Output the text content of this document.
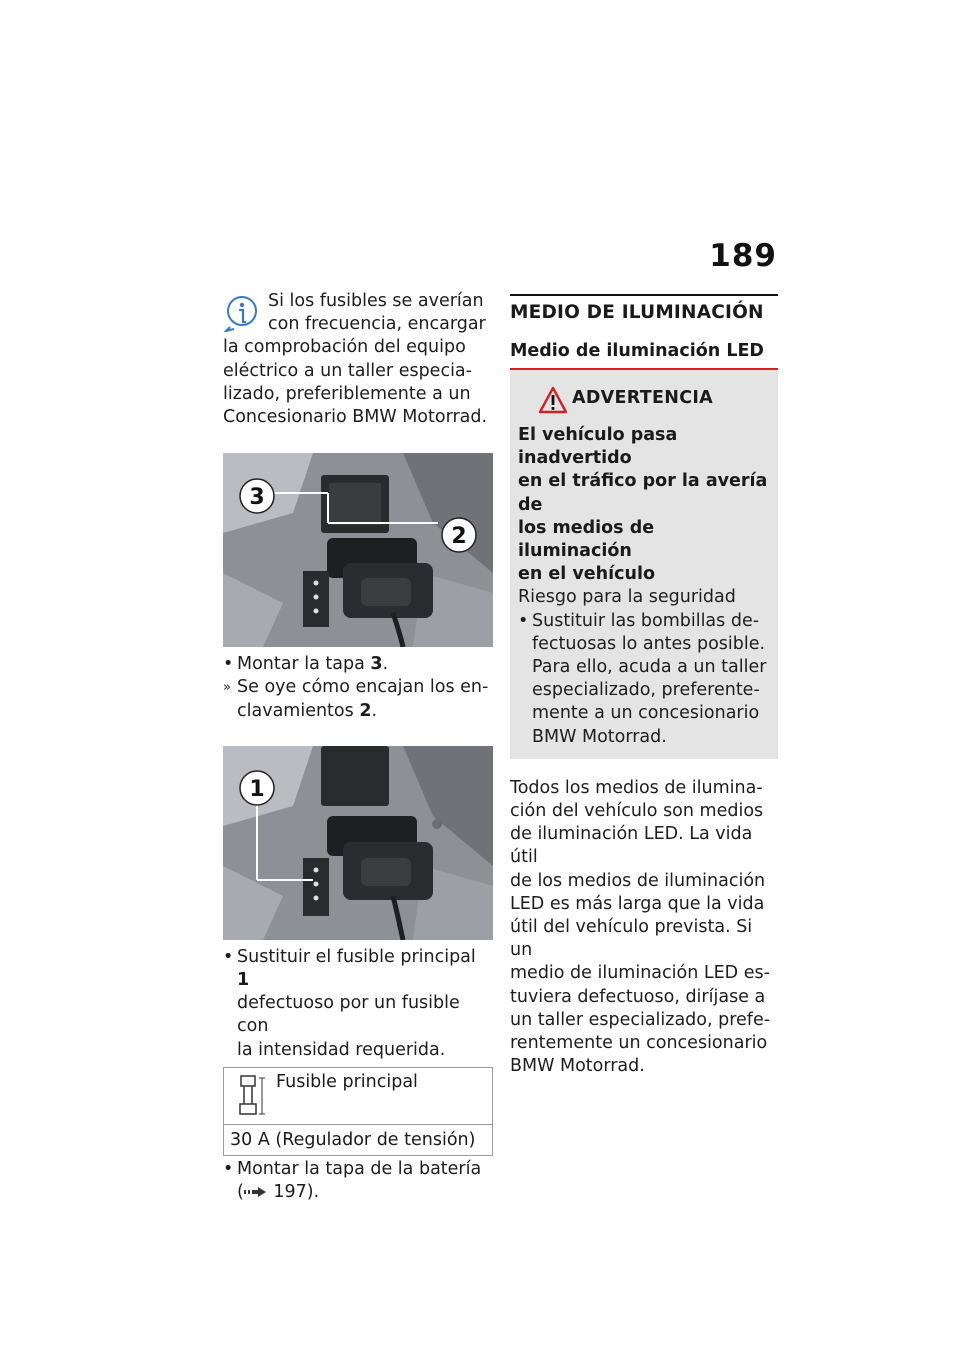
189
Si los fusibles se averían
con frecuencia, encargar
la comprobación del equipo
eléctrico a un taller especia-
lizado, preferiblemente a un
Concesionario BMW Motorrad.
3
2
• Montar la tapa 3.
» Se oye cómo encajan los en-
clavamientos 2.
1
• Sustituir el fusible principal 1
defectuoso por un fusible con
la intensidad requerida.
Fusible principal
30 A (Regulador de tensión)
• Montar la tapa de la batería
( 197).
MEDIO DE ILUMINACIÓN
Medio de iluminación LED
ADVERTENCIA
El vehículo pasa inadvertido
en el tráfico por la avería de
los medios de iluminación
en el vehículo
Riesgo para la seguridad
• Sustituir las bombillas de-
fectuosas lo antes posible.
Para ello, acuda a un taller
especializado, preferente-
mente a un concesionario
BMW Motorrad.
Todos los medios de ilumina-
ción del vehículo son medios
de iluminación LED. La vida útil
de los medios de iluminación
LED es más larga que la vida
útil del vehículo prevista. Si un
medio de iluminación LED es-
tuviera defectuoso, diríjase a
un taller especializado, prefe-
rentemente un concesionario
BMW Motorrad.
